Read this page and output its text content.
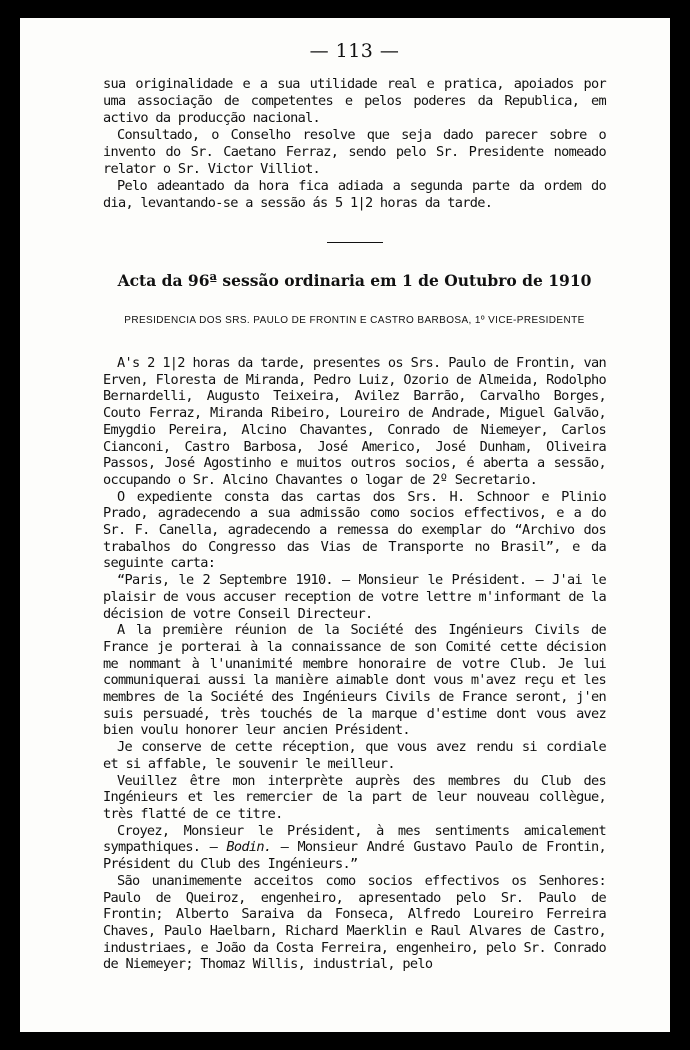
— 113 —

sua originalidade e a sua utilidade real e pratica, apoiados por uma associação de competentes e pelos poderes da Republica, em activo da producção nacional.

Consultado, o Conselho resolve que seja dado parecer sobre o invento do Sr. Caetano Ferraz, sendo pelo Sr. Presidente nomeado relator o Sr. Victor Villiot.

Pelo adeantado da hora fica adiada a segunda parte da ordem do dia, levantando-se a sessão ás 5 1|2 horas da tarde.

Acta da 96ª sessão ordinaria em 1 de Outubro de 1910
PRESIDENCIA DOS SRS. PAULO DE FRONTIN E CASTRO BARBOSA, 1º VICE-PRESIDENTE

A's 2 1|2 horas da tarde, presentes os Srs. Paulo de Frontin, van Erven, Floresta de Miranda, Pedro Luiz, Ozorio de Almeida, Rodolpho Bernardelli, Augusto Teixeira, Avilez Barrão, Carvalho Borges, Couto Ferraz, Miranda Ribeiro, Loureiro de Andrade, Miguel Galvão, Emygdio Pereira, Alcino Chavantes, Conrado de Niemeyer, Carlos Cianconi, Castro Barbosa, José Americo, José Dunham, Oliveira Passos, José Agostinho e muitos outros socios, é aberta a sessão, occupando o Sr. Alcino Chavantes o logar de 2º Secretario.

O expediente consta das cartas dos Srs. H. Schnoor e Plinio Prado, agradecendo a sua admissão como socios effectivos, e a do Sr. F. Canella, agradecendo a remessa do exemplar do “Archivo dos trabalhos do Congresso das Vias de Transporte no Brasil”, e da seguinte carta:

“Paris, le 2 Septembre 1910. — Monsieur le Président. — J'ai le plaisir de vous accuser reception de votre lettre m'informant de la décision de votre Conseil Directeur.

A la première réunion de la Société des Ingénieurs Civils de France je porterai à la connaissance de son Comité cette décision me nommant à l'unanimité membre honoraire de votre Club. Je lui communiquerai aussi la manière aimable dont vous m'avez reçu et les membres de la Société des Ingénieurs Civils de France seront, j'en suis persuadé, très touchés de la marque d'estime dont vous avez bien voulu honorer leur ancien Président.

Je conserve de cette réception, que vous avez rendu si cordiale et si affable, le souvenir le meilleur.

Veuillez être mon interprète auprès des membres du Club des Ingénieurs et les remercier de la part de leur nouveau collègue, très flatté de ce titre.

Croyez, Monsieur le Président, à mes sentiments amicalement sympathiques. — Bodin. — Monsieur André Gustavo Paulo de Frontin, Président du Club des Ingénieurs.”

São unanimemente acceitos como socios effectivos os Senhores: Paulo de Queiroz, engenheiro, apresentado pelo Sr. Paulo de Frontin; Alberto Saraiva da Fonseca, Alfredo Loureiro Ferreira Chaves, Paulo Haelbarn, Richard Maerklin e Raul Alvares de Castro, industriaes, e João da Costa Ferreira, engenheiro, pelo Sr. Conrado de Niemeyer; Thomaz Willis, industrial, pelo
